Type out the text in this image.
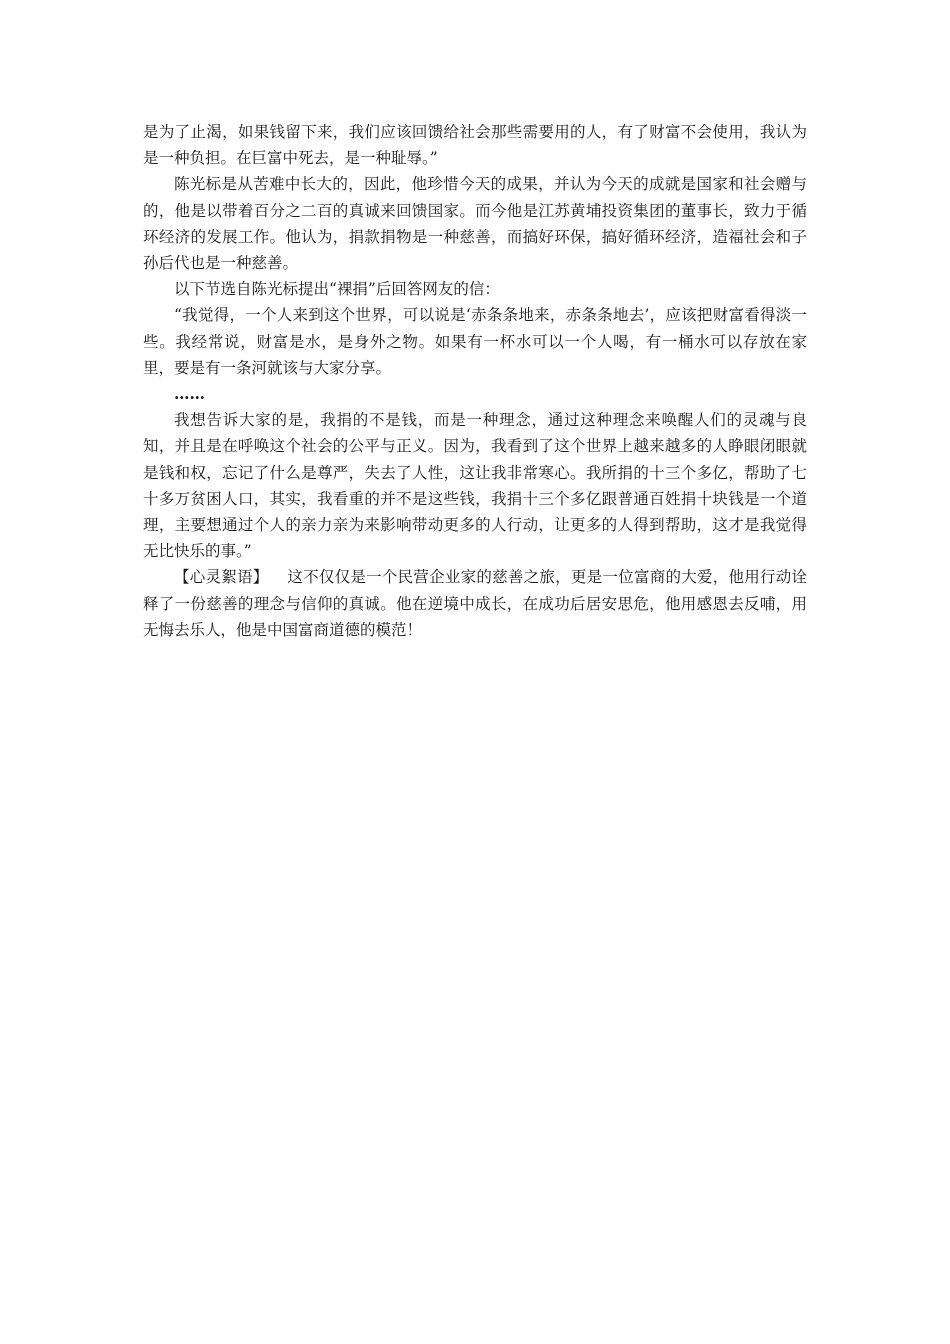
是为了止渴，如果钱留下来，我们应该回馈给社会那些需要用的人，有了财富不会使用，我认为是一种负担。在巨富中死去，是一种耻辱。”

陈光标是从苦难中长大的，因此，他珍惜今天的成果，并认为今天的成就是国家和社会赠与的，他是以带着百分之二百的真诚来回馈国家。而今他是江苏黄埔投资集团的董事长，致力于循环经济的发展工作。他认为，捐款捐物是一种慈善，而搞好环保，搞好循环经济，造福社会和子孙后代也是一种慈善。

以下节选自陈光标提出“裸捐”后回答网友的信：

“我觉得，一个人来到这个世界，可以说是‘赤条条地来，赤条条地去’，应该把财富看得淡一些。我经常说，财富是水，是身外之物。如果有一杯水可以一个人喝，有一桶水可以存放在家里，要是有一条河就该与大家分享。

……

我想告诉大家的是，我捐的不是钱，而是一种理念，通过这种理念来唤醒人们的灵魂与良知，并且是在呼唤这个社会的公平与正义。因为，我看到了这个世界上越来越多的人睁眼闭眼就是钱和权，忘记了什么是尊严，失去了人性，这让我非常寒心。我所捐的十三个多亿，帮助了七十多万贫困人口，其实，我看重的并不是这些钱，我捐十三个多亿跟普通百姓捐十块钱是一个道理，主要想通过个人的亲力亲为来影响带动更多的人行动，让更多的人得到帮助，这才是我觉得无比快乐的事。”

【心灵絮语】 这不仅仅是一个民营企业家的慈善之旅，更是一位富商的大爱，他用行动诠释了一份慈善的理念与信仰的真诚。他在逆境中成长，在成功后居安思危，他用感恩去反哺，用无悔去乐人，他是中国富商道德的模范！
